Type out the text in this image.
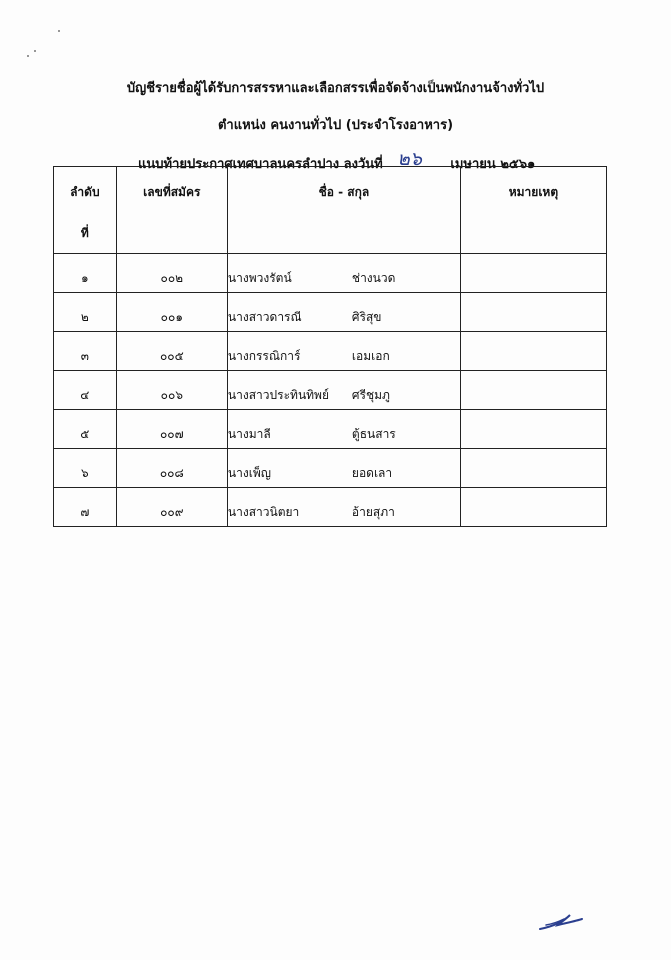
บัญชีรายชื่อผู้ได้รับการสรรหาและเลือกสรรเพื่อจัดจ้างเป็นพนักงานจ้างทั่วไป
ตำแหน่ง คนงานทั่วไป (ประจำโรงอาหาร)
แนบท้ายประกาศเทศบาลนครลำปาง ลงวันที่ ๒๖ เมษายน ๒๕๖๑
ลำดับ
ที่	เลขที่สมัคร	ชื่อ - สกุล	หมายเหตุ
๑	๐๐๒	นางพวงรัตน์ ช่างนวด	
๒	๐๐๑	นางสาวดารณี ศิริสุข	
๓	๐๐๕	นางกรรณิการ์ เอมเอก	
๔	๐๐๖	นางสาวประทินทิพย์ ศรีชุมภู	
๕	๐๐๗	นางมาลี ตู้ธนสาร	
๖	๐๐๘	นางเพ็ญ ยอดเลา	
๗	๐๐๙	นางสาวนิตยา อ้ายสุภา	
